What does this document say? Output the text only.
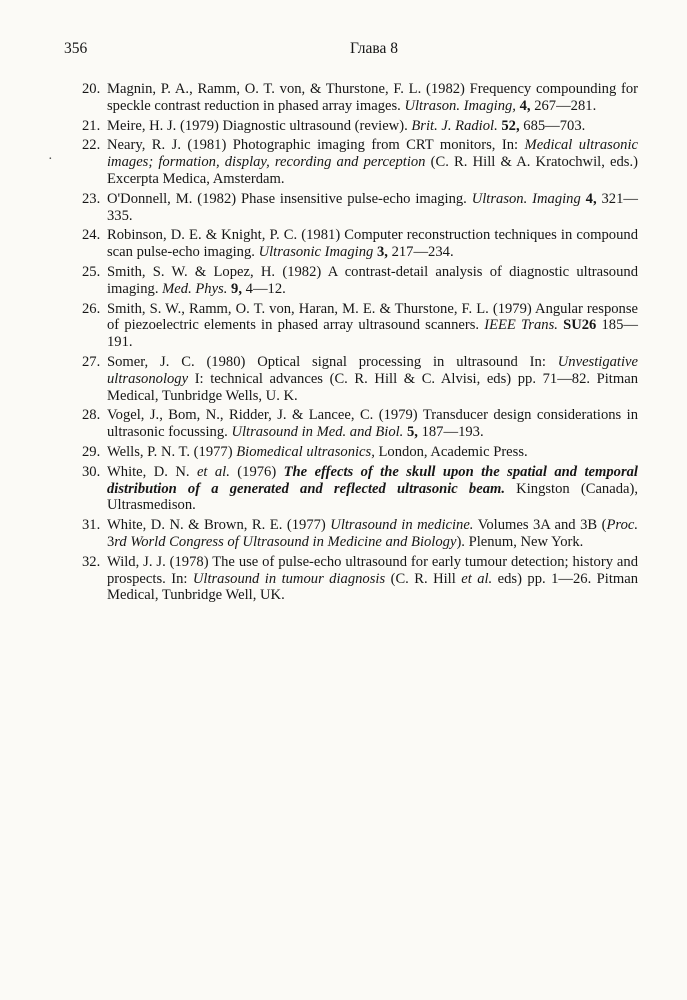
356	Глава 8
·
20. Magnin, P. A., Ramm, O. T. von, & Thurstone, F. L. (1982) Frequency compounding for speckle contrast reduction in phased array images. Ultrason. Imaging, 4, 267—281.
21. Meire, H. J. (1979) Diagnostic ultrasound (review). Brit. J. Radiol. 52, 685—703.
22. Neary, R. J. (1981) Photographic imaging from CRT monitors, In: Medical ultrasonic images; formation, display, recording and perception (C. R. Hill & A. Kratochwil, eds.) Excerpta Medica, Amsterdam.
23. O'Donnell, M. (1982) Phase insensitive pulse-echo imaging. Ultrason. Imaging 4, 321—335.
24. Robinson, D. E. & Knight, P. C. (1981) Computer reconstruction techniques in compound scan pulse-echo imaging. Ultrasonic Imaging 3, 217—234.
25. Smith, S. W. & Lopez, H. (1982) A contrast-detail analysis of diagnostic ultrasound imaging. Med. Phys. 9, 4—12.
26. Smith, S. W., Ramm, O. T. von, Haran, M. E. & Thurstone, F. L. (1979) Angular response of piezoelectric elements in phased array ultrasound scanners. IEEE Trans. SU26 185—191.
27. Somer, J. C. (1980) Optical signal processing in ultrasound In: Unvestigative ultrasonology I: technical advances (C. R. Hill & C. Alvisi, eds) pp. 71—82. Pitman Medical, Tunbridge Wells, U. K.
28. Vogel, J., Bom, N., Ridder, J. & Lancee, C. (1979) Transducer design considerations in ultrasonic focussing. Ultrasound in Med. and Biol. 5, 187—193.
29. Wells, P. N. T. (1977) Biomedical ultrasonics, London, Academic Press.
30. White, D. N. et al. (1976) The effects of the skull upon the spatial and temporal distribution of a generated and reflected ultrasonic beam. Kingston (Canada), Ultrasmedison.
31. White, D. N. & Brown, R. E. (1977) Ultrasound in medicine. Volumes 3A and 3B (Proc. 3rd World Congress of Ultrasound in Medicine and Biology). Plenum, New York.
32. Wild, J. J. (1978) The use of pulse-echo ultrasound for early tumour detection; history and prospects. In: Ultrasound in tumour diagnosis (C. R. Hill et al. eds) pp. 1—26. Pitman Medical, Tunbridge Well, UK.
